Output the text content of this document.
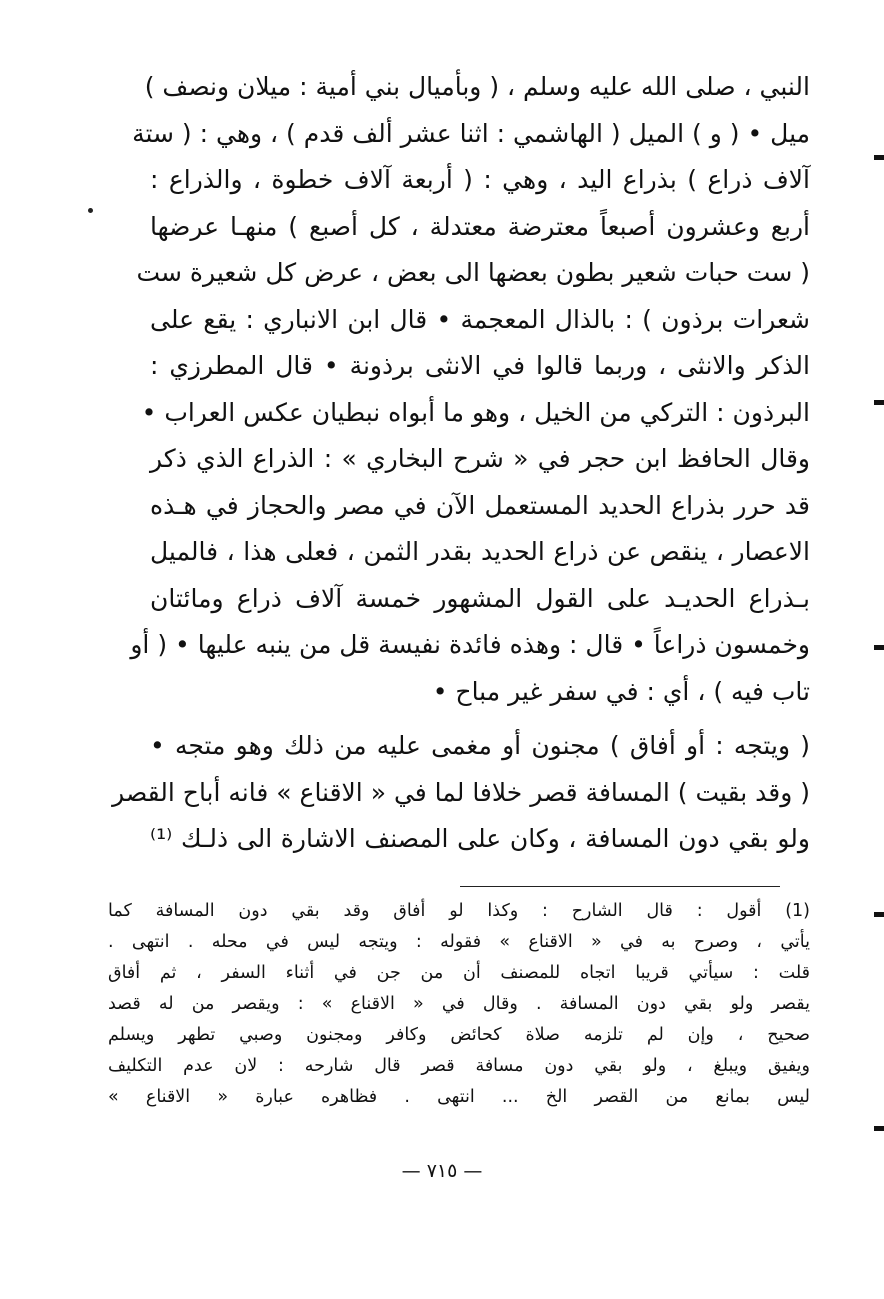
النبي ، صلى الله عليه وسلم ، ( وبأميال بني أمية : ميلان ونصف )
ميل • ( و ) الميل ( الهاشمي : اثنا عشر ألف قدم ) ، وهي : ( ستة
آلاف ذراع ) بذراع اليد ، وهي : ( أربعة آلاف خطوة ، والذراع :
أربع وعشرون أصبعاً معترضة معتدلة ، كل أصبع ) منهـا عرضها
( ست حبات شعير بطون بعضها الى بعض ، عرض كل شعيرة ست
شعرات برذون ) : بالذال المعجمة • قال ابن الانباري : يقع على
الذكر والانثى ، وربما قالوا في الانثى برذونة • قال المطرزي :
البرذون : التركي من الخيل ، وهو ما أبواه نبطيان عكس العراب •
وقال الحافظ ابن حجر في « شرح البخاري » : الذراع الذي ذكر
قد حرر بذراع الحديد المستعمل الآن في مصر والحجاز في هـذه
الاعصار ، ينقص عن ذراع الحديد بقدر الثمن ، فعلى هذا ، فالميل
بـذراع الحديـد على القول المشهور خمسة آلاف ذراع ومائتان
وخمسون ذراعاً • قال : وهذه فائدة نفيسة قل من ينبه عليها • ( أو
تاب فيه ) ، أي : في سفر غير مباح •
( ويتجه : أو أفاق ) مجنون أو مغمى عليه من ذلك وهو متجه •
( وقد بقيت ) المسافة قصر خلافا لما في « الاقناع » فانه أباح القصر
ولو بقي دون المسافة ، وكان على المصنف الاشارة الى ذلـك ⁽¹⁾
(1) أقول : قال الشارح : وكذا لو أفاق وقد بقي دون المسافة كما
يأتي ، وصرح به في « الاقناع » فقوله : ويتجه ليس في محله . انتهى .
قلت : سيأتي قريبا اتجاه للمصنف أن من جن في أثناء السفر ، ثم أفاق
يقصر ولو بقي دون المسافة . وقال في « الاقناع » : ويقصر من له قصد
صحيح ، وإن لم تلزمه صلاة كحائض وكافر ومجنون وصبي تطهر ويسلم
ويفيق ويبلغ ، ولو بقي دون مسافة قصر قال شارحه : لان عدم التكليف
ليس بمانع من القصر الخ ... انتهى . فظاهره عبارة « الاقناع »
— ٧١٥ —
